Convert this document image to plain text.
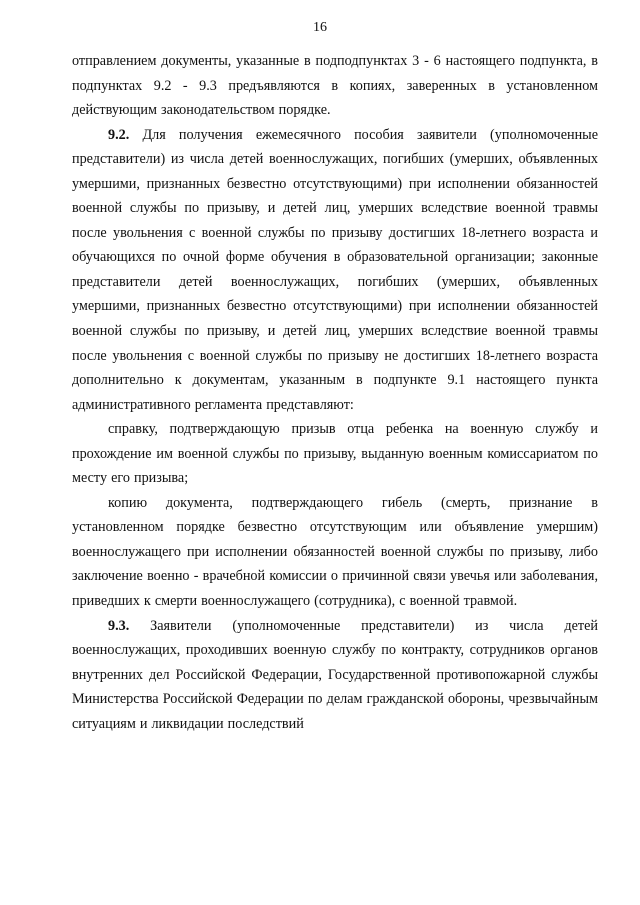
16

отправлением документы, указанные в подподпунктах 3 - 6 настоящего подпункта, в подпунктах 9.2 - 9.3 предъявляются в копиях, заверенных в установленном действующим законодательством порядке.

9.2. Для получения ежемесячного пособия заявители (уполномоченные представители) из числа детей военнослужащих, погибших (умерших, объявленных умершими, признанных безвестно отсутствующими) при исполнении обязанностей военной службы по призыву, и детей лиц, умерших вследствие военной травмы после увольнения с военной службы по призыву достигших 18-летнего возраста и обучающихся по очной форме обучения в образовательной организации; законные представители детей военнослужащих, погибших (умерших, объявленных умершими, признанных безвестно отсутствующими) при исполнении обязанностей военной службы по призыву, и детей лиц, умерших вследствие военной травмы после увольнения с военной службы по призыву не достигших 18-летнего возраста дополнительно к документам, указанным в подпункте 9.1 настоящего пункта административного регламента представляют:

справку, подтверждающую призыв отца ребенка на военную службу и прохождение им военной службы по призыву, выданную военным комиссариатом по месту его призыва;

копию документа, подтверждающего гибель (смерть, признание в установленном порядке безвестно отсутствующим или объявление умершим) военнослужащего при исполнении обязанностей военной службы по призыву, либо заключение военно - врачебной комиссии о причинной связи увечья или заболевания, приведших к смерти военнослужащего (сотрудника), с военной травмой.

9.3. Заявители (уполномоченные представители) из числа детей военнослужащих, проходивших военную службу по контракту, сотрудников органов внутренних дел Российской Федерации, Государственной противопожарной службы Министерства Российской Федерации по делам гражданской обороны, чрезвычайным ситуациям и ликвидации последствий
